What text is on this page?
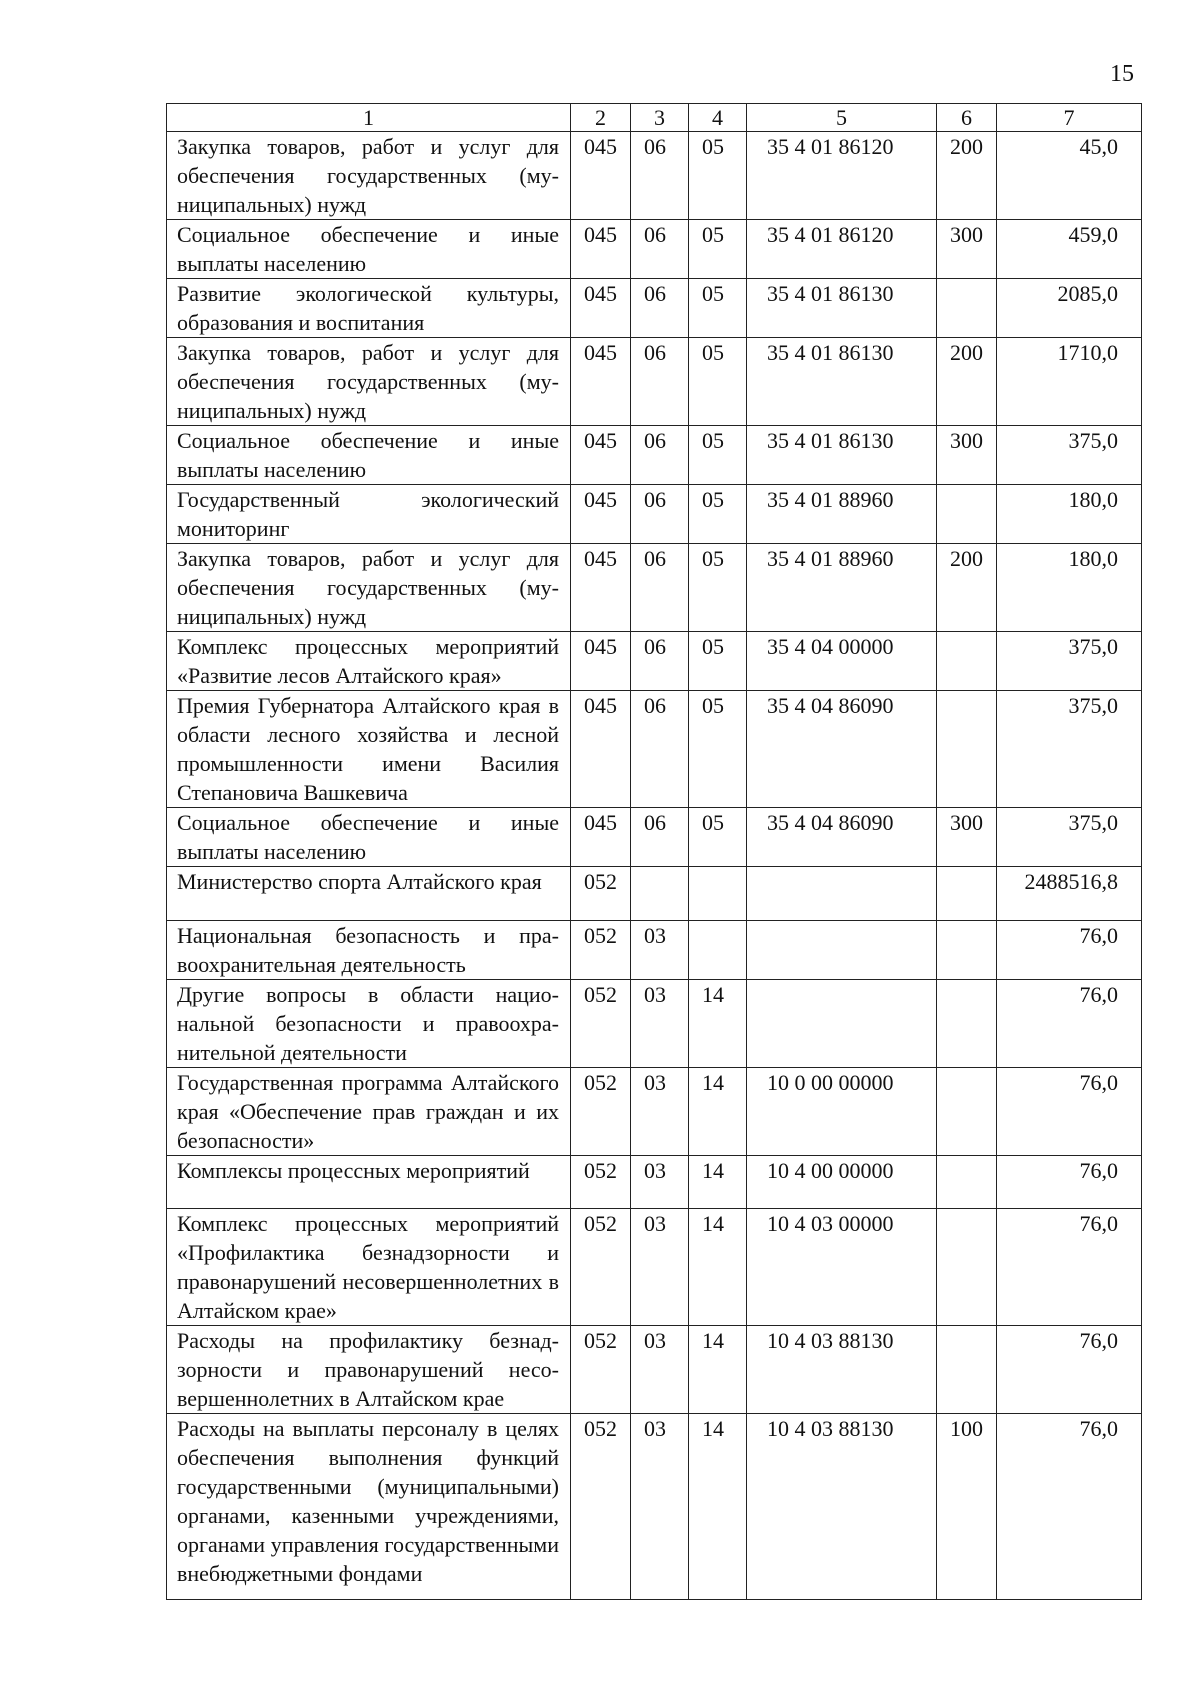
15
1	2	3	4	5	6	7
Закупка товаров, работ и услуг для обеспечения государственных (муниципальных) нужд	045	06	05	35 4 01 86120	200	45,0
Социальное обеспечение и иные выплаты населению	045	06	05	35 4 01 86120	300	459,0
Развитие экологической культуры, образования и воспитания	045	06	05	35 4 01 86130		2085,0
Закупка товаров, работ и услуг для обеспечения государственных (муниципальных) нужд	045	06	05	35 4 01 86130	200	1710,0
Социальное обеспечение и иные выплаты населению	045	06	05	35 4 01 86130	300	375,0
Государственный экологический мониторинг	045	06	05	35 4 01 88960		180,0
Закупка товаров, работ и услуг для обеспечения государственных (муниципальных) нужд	045	06	05	35 4 01 88960	200	180,0
Комплекс процессных мероприятий «Развитие лесов Алтайского края»	045	06	05	35 4 04 00000		375,0
Премия Губернатора Алтайского края в области лесного хозяйства и лесной промышленности имени Василия Степановича Вашкевича	045	06	05	35 4 04 86090		375,0
Социальное обеспечение и иные выплаты населению	045	06	05	35 4 04 86090	300	375,0
Министерство спорта Алтайского края	052					2488516,8
Национальная безопасность и правоохранительная деятельность	052	03				76,0
Другие вопросы в области национальной безопасности и правоохранительной деятельности	052	03	14			76,0
Государственная программа Алтайского края «Обеспечение прав граждан и их безопасности»	052	03	14	10 0 00 00000		76,0
Комплексы процессных мероприятий	052	03	14	10 4 00 00000		76,0
Комплекс процессных мероприятий «Профилактика безнадзорности и правонарушений несовершеннолетних в Алтайском крае»	052	03	14	10 4 03 00000		76,0
Расходы на профилактику безнадзорности и правонарушений несовершеннолетних в Алтайском крае	052	03	14	10 4 03 88130		76,0
Расходы на выплаты персоналу в целях обеспечения выполнения функций государственными (муниципальными) органами, казенными учреждениями, органами управления государственными внебюджетными фондами	052	03	14	10 4 03 88130	100	76,0
